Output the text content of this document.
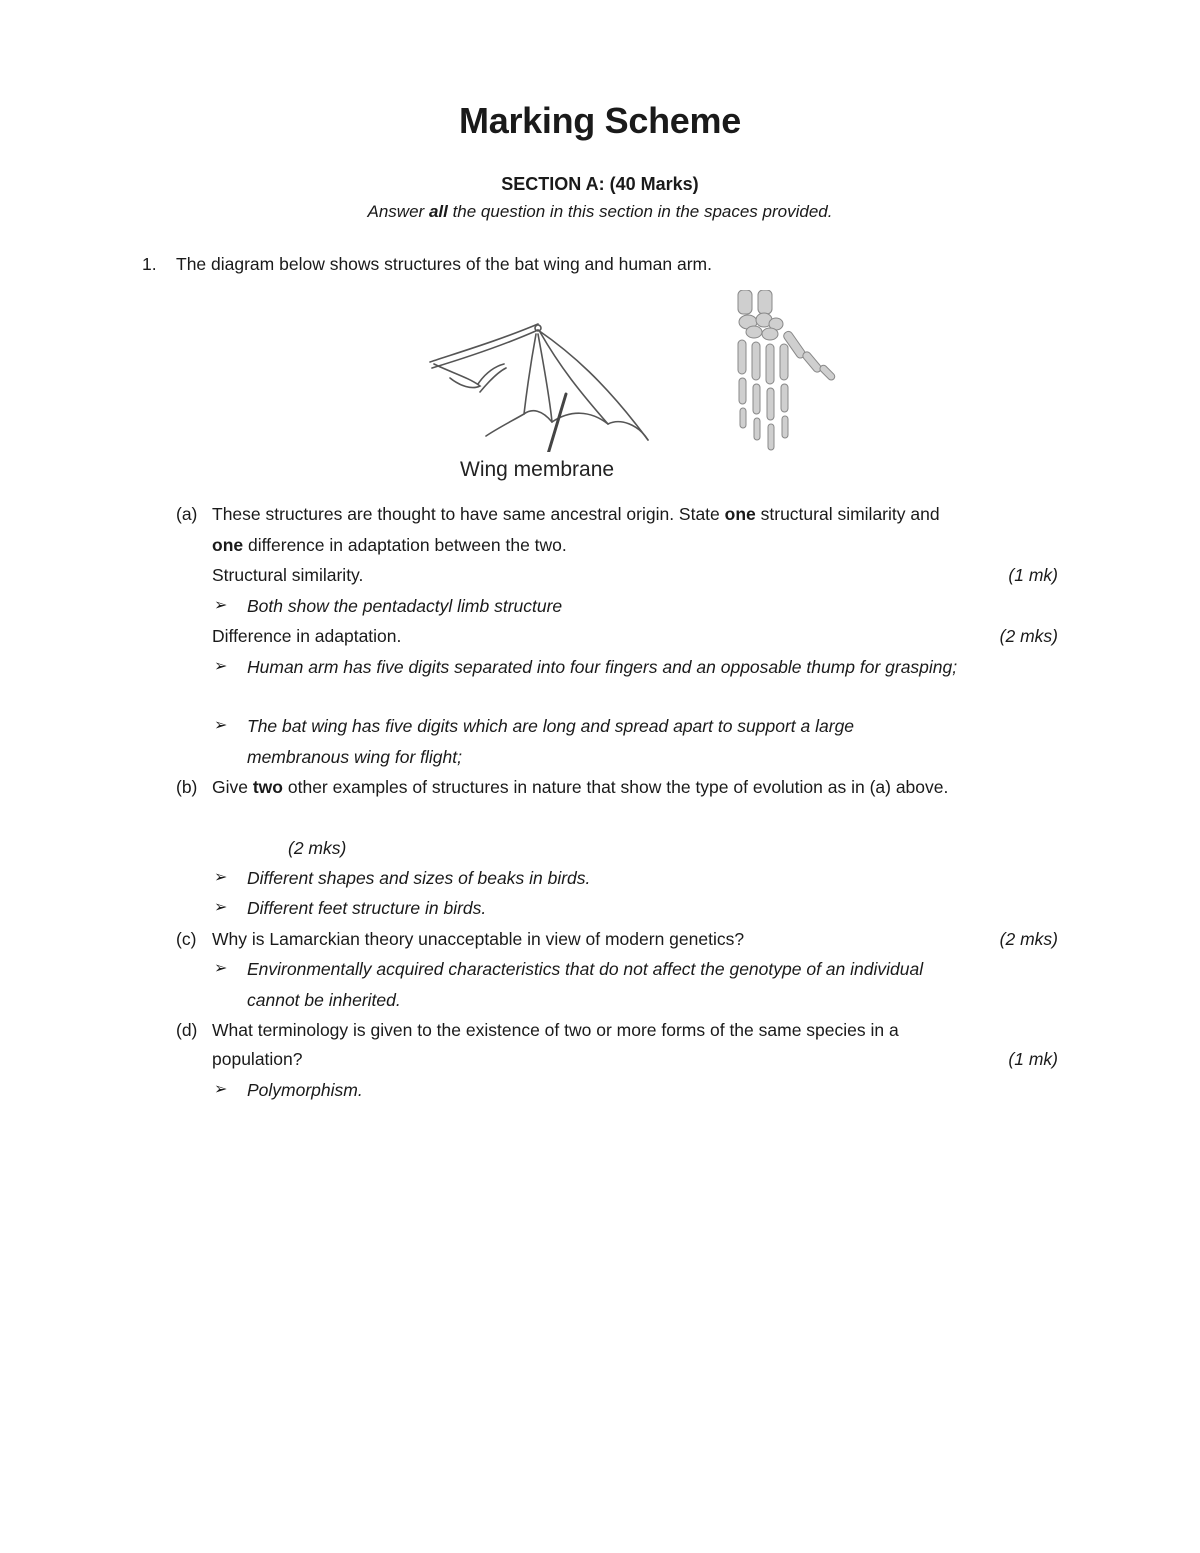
Marking Scheme
SECTION A: (40 Marks)
Answer all the question in this section in the spaces provided.
1. The diagram below shows structures of the bat wing and human arm.
Wing membrane
(a) These structures are thought to have same ancestral origin. State one structural similarity and
one difference in adaptation between the two.
Structural similarity.	(1 mk)
➢ Both show the pentadactyl limb structure
Difference in adaptation.	(2 mks)
➢ Human arm has five digits separated into four fingers and an opposable thump for grasping;
➢ The bat wing has five digits which are long and spread apart to support a large
membranous wing for flight;
(b) Give two other examples of structures in nature that show the type of evolution as in (a) above.
(2 mks)
➢ Different shapes and sizes of beaks in birds.
➢ Different feet structure in birds.
(c) Why is Lamarckian theory unacceptable in view of modern genetics?	(2 mks)
➢ Environmentally acquired characteristics that do not affect the genotype of an individual
cannot be inherited.
(d) What terminology is given to the existence of two or more forms of the same species in a
population?	(1 mk)
➢ Polymorphism.
